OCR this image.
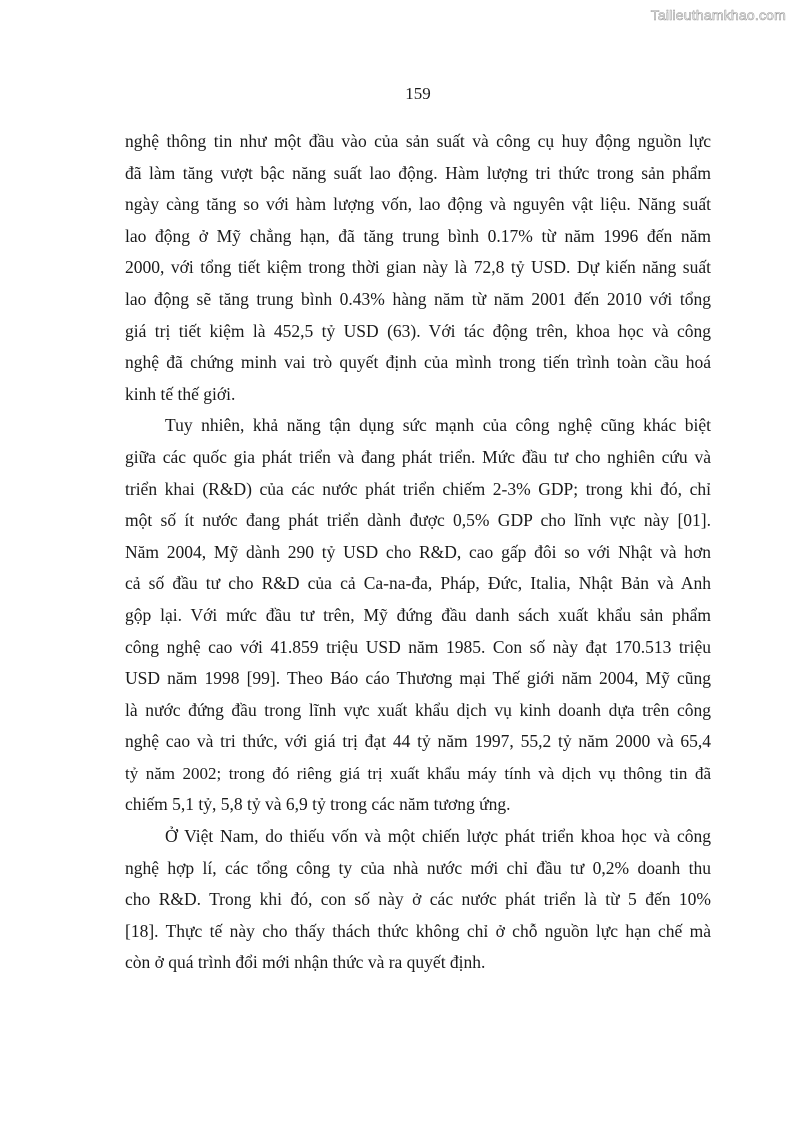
Tailieuthamkhao.com
159

nghệ thông tin như một đầu vào của sản suất và công cụ huy động nguồn lực
đã làm tăng vượt bậc năng suất lao động. Hàm lượng tri thức trong sản phẩm
ngày càng tăng so với hàm lượng vốn, lao động và nguyên vật liệu. Năng suất
lao động ở Mỹ chẳng hạn, đã tăng trung bình 0.17% từ năm 1996 đến năm
2000, với tổng tiết kiệm trong thời gian này là 72,8 tỷ USD. Dự kiến năng suất
lao động sẽ tăng trung bình 0.43% hàng năm từ năm 2001 đến 2010 với tổng
giá trị tiết kiệm là 452,5 tỷ USD (63). Với tác động trên, khoa học và công
nghệ đã chứng minh vai trò quyết định của mình trong tiến trình toàn cầu hoá
kinh tế thế giới.

Tuy nhiên, khả năng tận dụng sức mạnh của công nghệ cũng khác biệt
giữa các quốc gia phát triển và đang phát triển. Mức đầu tư cho nghiên cứu và
triển khai (R&D) của các nước phát triển chiếm 2-3% GDP; trong khi đó, chỉ
một số ít nước đang phát triển dành được 0,5% GDP cho lĩnh vực này [01].
Năm 2004, Mỹ dành 290 tỷ USD cho R&D, cao gấp đôi so với Nhật và hơn
cả số đầu tư cho R&D của cả Ca-na-đa, Pháp, Đức, Italia, Nhật Bản và Anh
gộp lại. Với mức đầu tư trên, Mỹ đứng đầu danh sách xuất khẩu sản phẩm
công nghệ cao với 41.859 triệu USD năm 1985. Con số này đạt 170.513 triệu
USD năm 1998 [99]. Theo Báo cáo Thương mại Thế giới năm 2004, Mỹ cũng
là nước đứng đầu trong lĩnh vực xuất khẩu dịch vụ kinh doanh dựa trên công
nghệ cao và tri thức, với giá trị đạt 44 tỷ năm 1997, 55,2 tỷ năm 2000 và 65,4
tỷ năm 2002; trong đó riêng giá trị xuất khẩu máy tính và dịch vụ thông tin đã
chiếm 5,1 tỷ, 5,8 tỷ và 6,9 tỷ trong các năm tương ứng.

Ở Việt Nam, do thiếu vốn và một chiến lược phát triển khoa học và công
nghệ hợp lí, các tổng công ty của nhà nước mới chỉ đầu tư 0,2% doanh thu
cho R&D. Trong khi đó, con số này ở các nước phát triển là từ 5 đến 10%
[18]. Thực tế này cho thấy thách thức không chỉ ở chỗ nguồn lực hạn chế mà
còn ở quá trình đổi mới nhận thức và ra quyết định.
